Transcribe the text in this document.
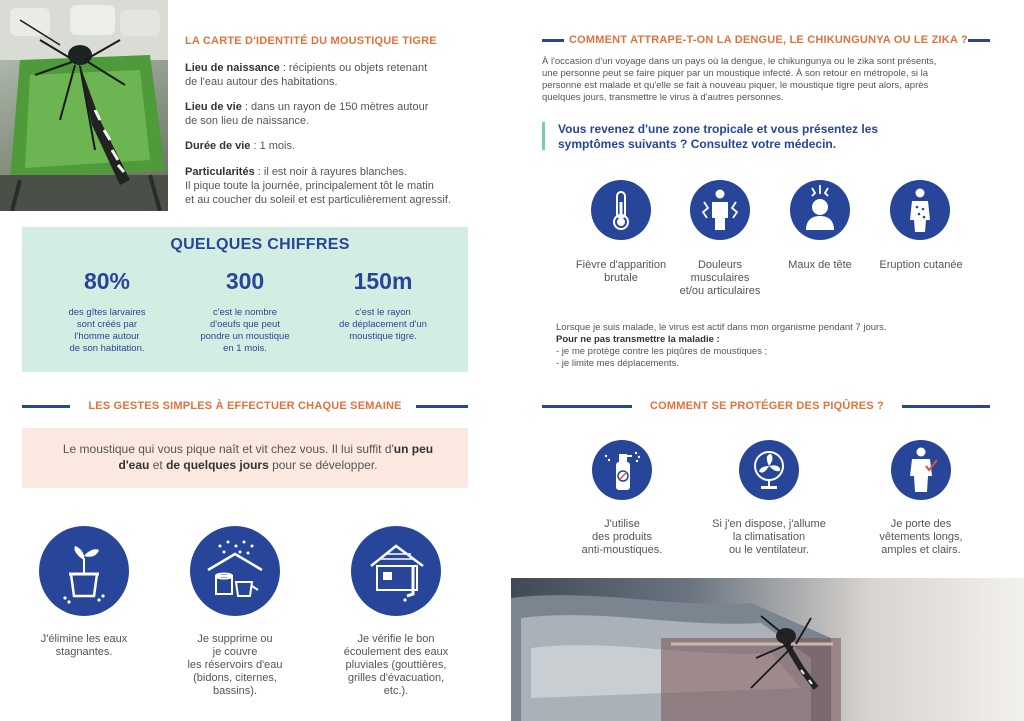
LA CARTE D'IDENTITÉ DU MOUSTIQUE TIGRE
Lieu de naissance : récipients ou objets retenant
de l'eau autour des habitations.
Lieu de vie : dans un rayon de 150 mètres autour
de son lieu de naissance.
Durée de vie : 1 mois.
Particularités : il est noir à rayures blanches.
Il pique toute la journée, principalement tôt le matin
et au coucher du soleil et est particulièrement agressif.
QUELQUES CHIFFRES
80%
des gîtes larvaires
sont créés par
l'homme autour
de son habitation.
300
c'est le nombre
d'oeufs que peut
pondre un moustique
en 1 mois.
150m
c'est le rayon
de déplacement d'un
moustique tigre.
LES GESTES SIMPLES À EFFECTUER CHAQUE SEMAINE
Le moustique qui vous pique naît et vit chez vous. Il lui suffit d'un peu
d'eau et de quelques jours pour se développer.
J'élimine les eaux
stagnantes.
Je supprime ou
je couvre
les réservoirs d'eau
(bidons, citernes,
bassins).
Je vérifie le bon
écoulement des eaux
pluviales (gouttières,
grilles d'évacuation,
etc.).
COMMENT ATTRAPE-T-ON LA DENGUE, LE CHIKUNGUNYA OU LE ZIKA ?
À l'occasion d'un voyage dans un pays où la dengue, le chikungunya ou le zika sont présents,
une personne peut se faire piquer par un moustique infecté. À son retour en métropole, si la
personne est malade et qu'elle se fait à nouveau piquer, le moustique tigre peut alors, après
quelques jours, transmettre le virus à d'autres personnes.
Vous revenez d'une zone tropicale et vous présentez les
symptômes suivants ? Consultez votre médecin.
Fièvre d'apparition
brutale
Douleurs
musculaires
et/ou articulaires
Maux de tête	Eruption cutanée
Lorsque je suis malade, le virus est actif dans mon organisme pendant 7 jours.
Pour ne pas transmettre la maladie :
- je me protège contre les piqûres de moustiques ;
- je limite mes déplacements.
COMMENT SE PROTÉGER DES PIQÛRES ?
J'utilise
des produits
anti-moustiques.
Si j'en dispose, j'allume
la climatisation
ou le ventilateur.
Je porte des
vêtements longs,
amples et clairs.
